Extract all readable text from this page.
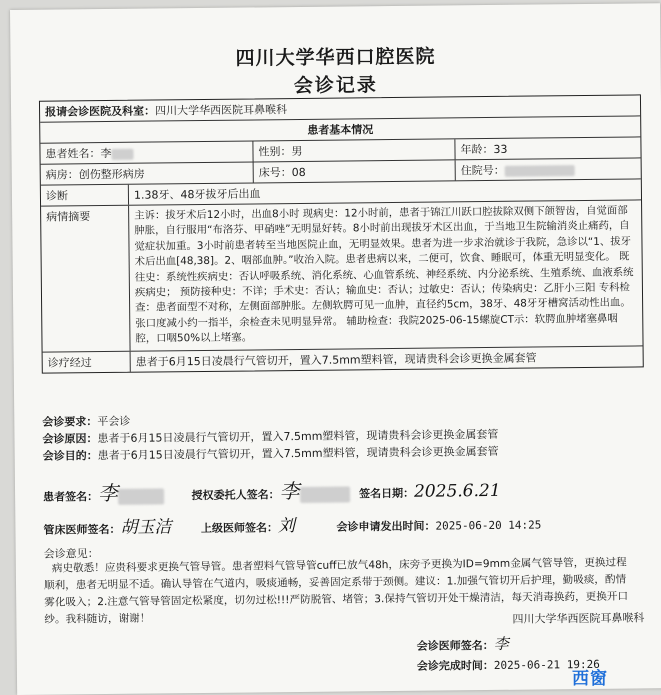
四川大学华西口腔医院
会诊记录
报请会诊医院及科室：四川大学华西医院耳鼻喉科
患者基本情况
患者姓名：李	性别：男	年龄：33
病房：创伤整形病房	床号：08	住院号：
诊断	1.38牙、48牙拔牙后出血
病情摘要	主诉：拔牙术后12小时，出血8小时 现病史：12小时前，患者于锦江川跃口腔拔除双侧下颌智齿，自觉面部肿胀，自行服用“布洛芬、甲硝唑”无明显好转。8小时前出现拔牙术区出血，于当地卫生院输消炎止痛药，自觉症状加重。3小时前患者转至当地医院止血，无明显效果。患者为进一步求治就诊于我院，急诊以“1、拔牙术后出血[48,38]。2、咽部血肿。”收治入院。患者患病以来，二便可，饮食、睡眠可，体重无明显变化。 既往史：系统性疾病史：否认呼吸系统、消化系统、心血管系统、神经系统、内分泌系统、生殖系统、血液系统疾病史； 预防接种史：不详；手术史：否认；输血史：否认；过敏史：否认；传染病史：乙肝小三阳 专科检查：患者面型不对称，左侧面部肿胀。左侧软腭可见一血肿，直径约5cm，38牙、48牙牙槽窝活动性出血。张口度减小约一指半，余检查未见明显异常。 辅助检查：我院2025-06-15螺旋CT示：软腭血肿堵塞鼻咽腔，口咽50%以上堵塞。
诊疗经过	患者于6月15日凌晨行气管切开，置入7.5mm塑料管，现请贵科会诊更换金属套管
会诊要求：平会诊
会诊原因：患者于6月15日凌晨行气管切开，置入7.5mm塑料管，现请贵科会诊更换金属套管
会诊目的：患者于6月15日凌晨行气管切开，置入7.5mm塑料管，现请贵科会诊更换金属套管
患者签名：李	授权委托人签名：李	签名日期：2025.6.21
管床医师签名：胡玉洁	上级医师签名：刘	会诊申请发出时间：2025-06-20 14:25
会诊意见：
病史敬悉！应贵科要求更换气管导管。患者塑料气管导管cuff已放气48h，床旁予更换为ID=9mm金属气管导管，更换过程顺利，患者无明显不适。确认导管在气道内，吸痰通畅，妥善固定系带于颈侧。建议：1.加强气管切开后护理，勤吸痰，酌情雾化吸入；2.注意气管导管固定松紧度，切勿过松!!!严防脱管、堵管；3.保持气管切开处干燥清洁，每天消毒换药，更换开口纱。我科随访，谢谢！	四川大学华西医院耳鼻喉科
会诊医师签名：李
会诊完成时间：2025-06-21 19:26
西窗
